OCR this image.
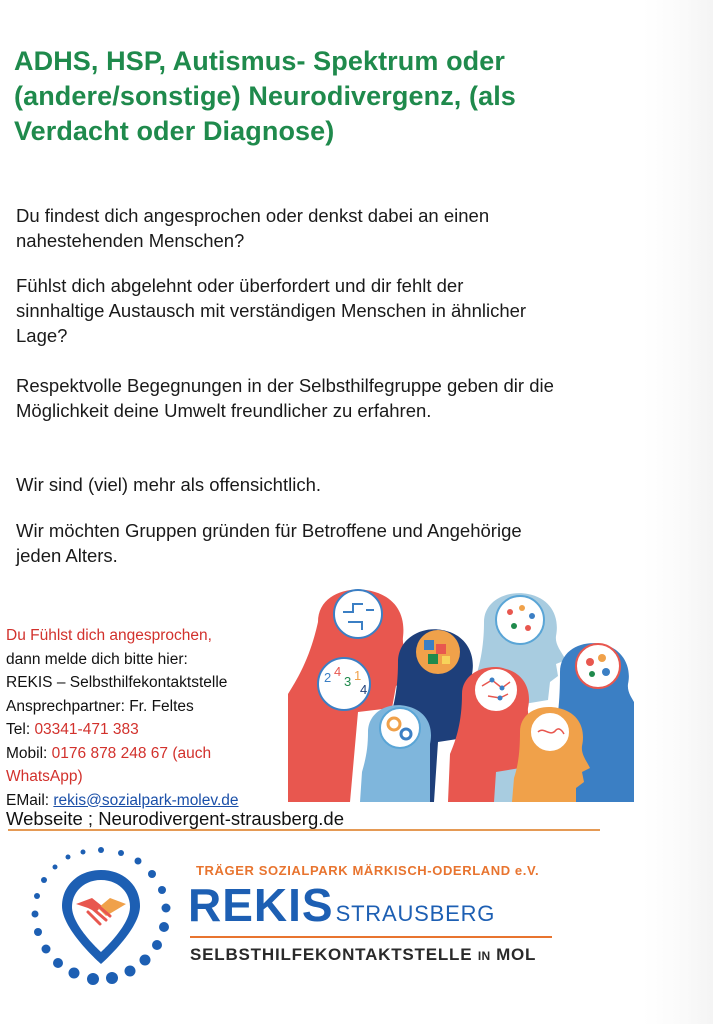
ADHS, HSP, Autismus- Spektrum oder (andere/sonstige) Neurodivergenz, (als Verdacht oder Diagnose)

Du findest dich angesprochen oder denkst dabei an einen nahestehenden Menschen?

Fühlst dich abgelehnt oder überfordert und dir fehlt der sinnhaltige Austausch mit verständigen Menschen in ähnlicher Lage?

Respektvolle Begegnungen in der Selbsthilfegruppe geben dir die Möglichkeit deine Umwelt freundlicher zu erfahren.

Wir sind (viel) mehr als offensichtlich.

Wir möchten Gruppen gründen für Betroffene und Angehörige jeden Alters.

2 4
3 1
4
Du Fühlst dich angesprochen,
dann melde dich bitte hier:
REKIS – Selbsthilfekontaktstelle
Ansprechpartner: Fr. Feltes
Tel: 03341-471 383
Mobil: 0176 878 248 67 (auch
WhatsApp)
EMail: rekis@sozialpark-molev.de
Webseite ; Neurodivergent-strausberg.de
TRÄGER SOZIALPARK MÄRKISCH-ODERLAND e.V.
REKISSTRAUSBERG
SELBSTHILFEKONTAKTSTELLE IN MOL
